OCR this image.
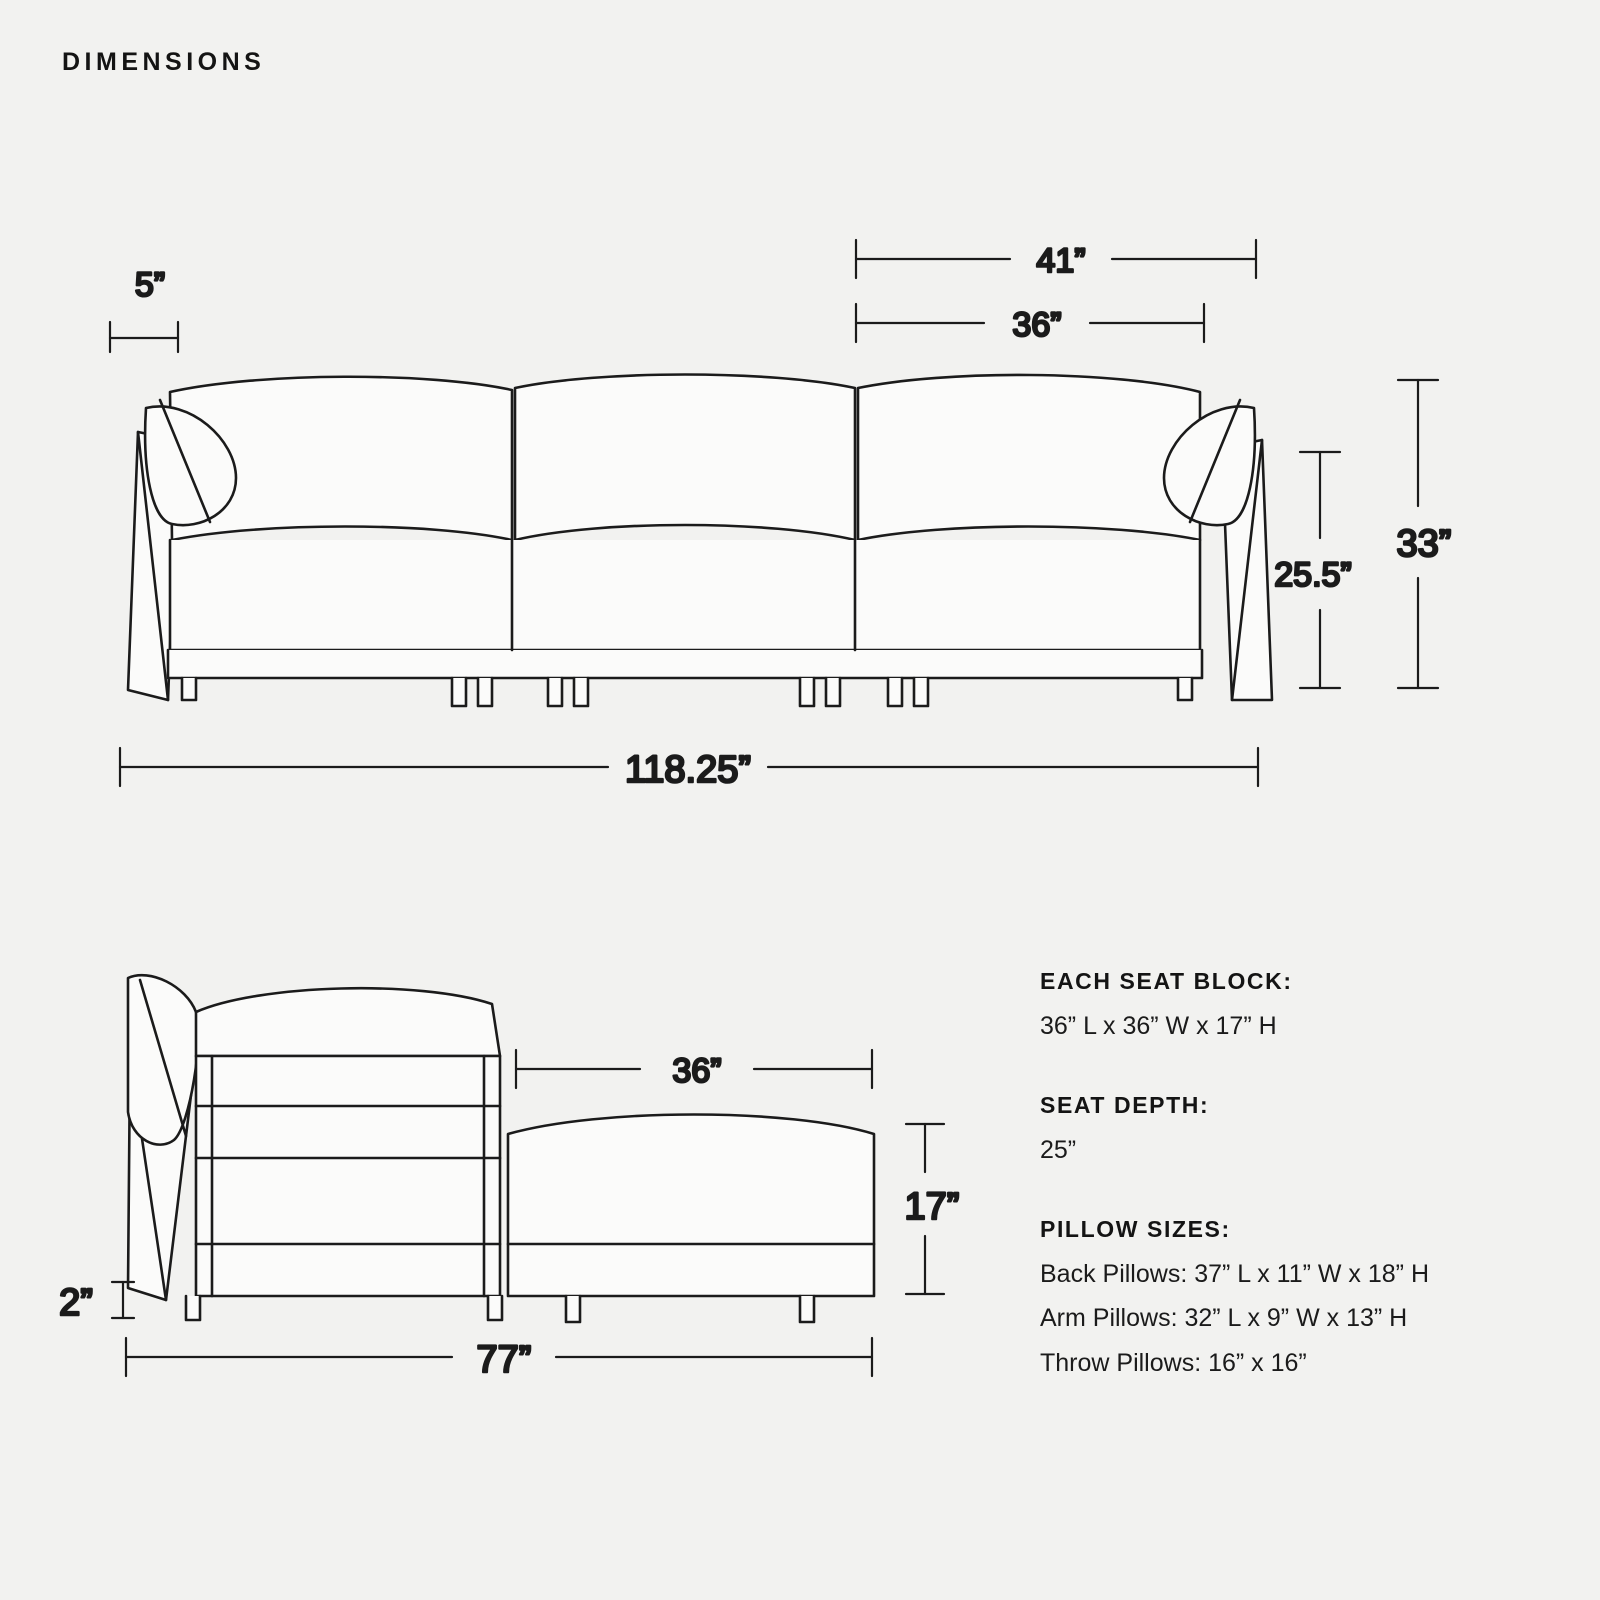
DIMENSIONS
41”
36”
5”
25.5”
33”
118.25”
36”
17”
2”
77”
EACH SEAT BLOCK:
36” L x 36” W x 17” H
SEAT DEPTH:
25”
PILLOW SIZES:
Back Pillows: 37” L x 11” W x 18” H
Arm Pillows: 32” L x 9” W x 13” H
Throw Pillows: 16” x 16”
